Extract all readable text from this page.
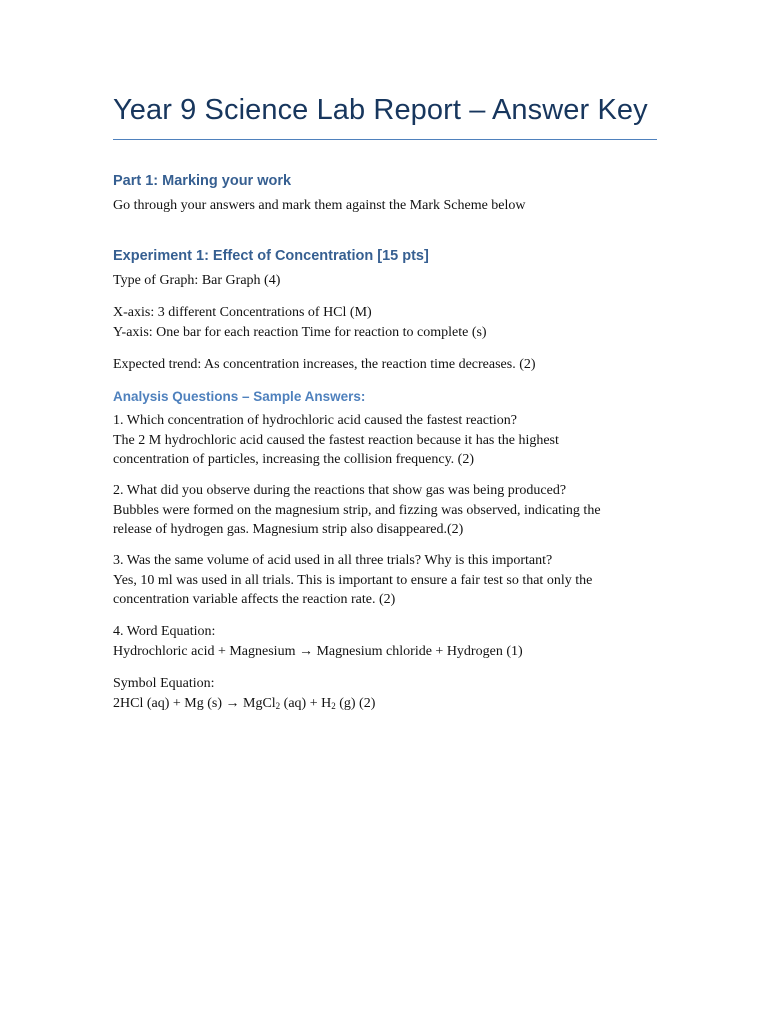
Year 9 Science Lab Report – Answer Key
Part 1: Marking your work
Go through your answers and mark them against the Mark Scheme below
Experiment 1: Effect of Concentration [15 pts]
Type of Graph: Bar Graph (4)
X-axis: 3 different Concentrations of HCl (M)
Y-axis: One bar for each reaction Time for reaction to complete (s)
Expected trend: As concentration increases, the reaction time decreases. (2)
Analysis Questions – Sample Answers:
1. Which concentration of hydrochloric acid caused the fastest reaction?
The 2 M hydrochloric acid caused the fastest reaction because it has the highest
concentration of particles, increasing the collision frequency. (2)
2. What did you observe during the reactions that show gas was being produced?
Bubbles were formed on the magnesium strip, and fizzing was observed, indicating the
release of hydrogen gas. Magnesium strip also disappeared.(2)
3. Was the same volume of acid used in all three trials? Why is this important?
Yes, 10 ml was used in all trials. This is important to ensure a fair test so that only the
concentration variable affects the reaction rate. (2)
4. Word Equation:
Hydrochloric acid + Magnesium → Magnesium chloride + Hydrogen (1)
Symbol Equation:
2HCl (aq) + Mg (s) → MgCl$_2$ $(aq) + H_2$ (g) (2)
